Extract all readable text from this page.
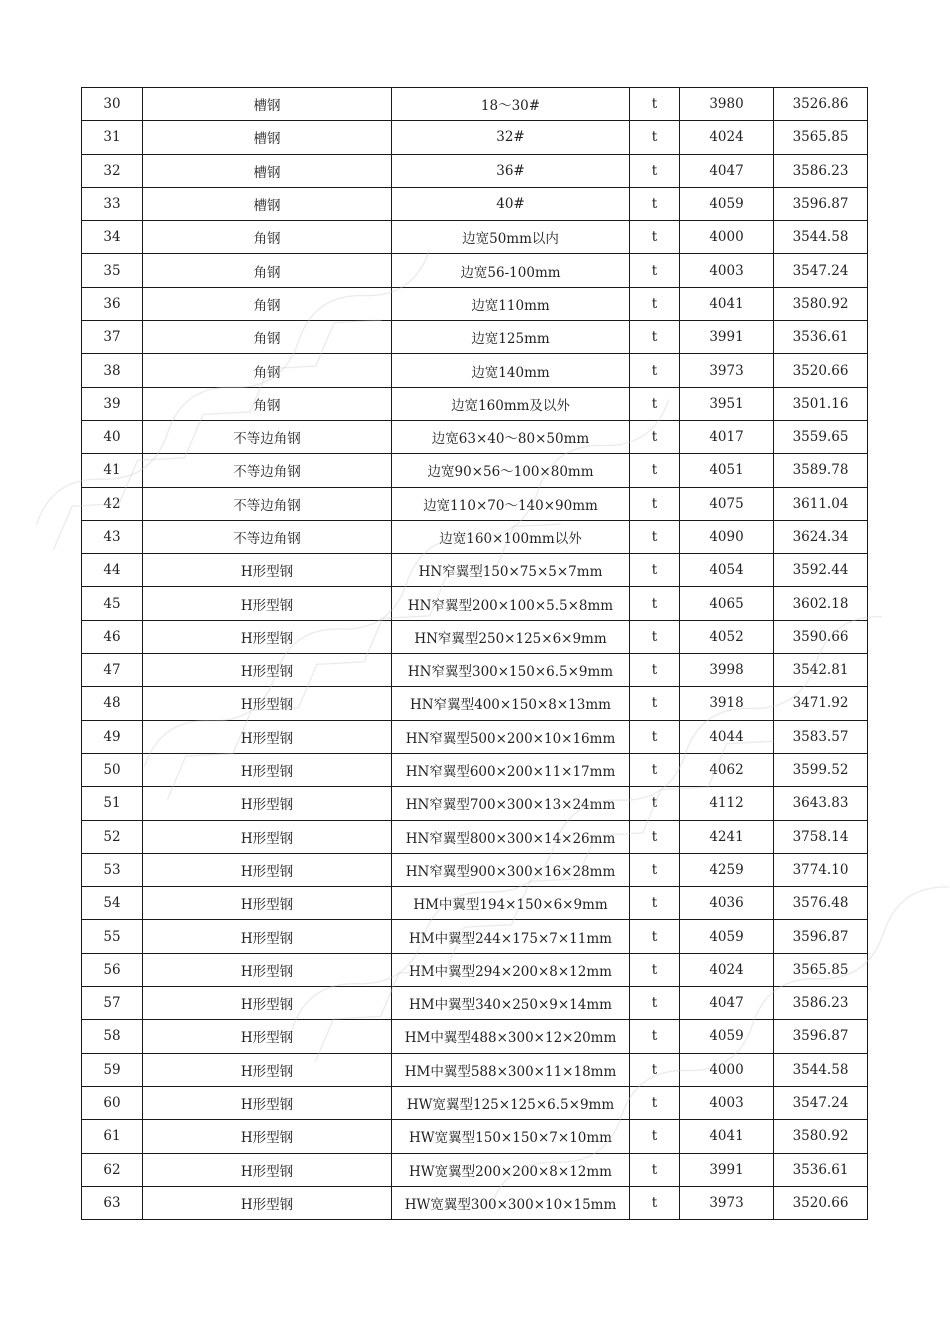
30	槽钢	18～30#	t	3980	3526.86
31	槽钢	32#	t	4024	3565.85
32	槽钢	36#	t	4047	3586.23
33	槽钢	40#	t	4059	3596.87
34	角钢	边宽50mm以内	t	4000	3544.58
35	角钢	边宽56-100mm	t	4003	3547.24
36	角钢	边宽110mm	t	4041	3580.92
37	角钢	边宽125mm	t	3991	3536.61
38	角钢	边宽140mm	t	3973	3520.66
39	角钢	边宽160mm及以外	t	3951	3501.16
40	不等边角钢	边宽63×40～80×50mm	t	4017	3559.65
41	不等边角钢	边宽90×56～100×80mm	t	4051	3589.78
42	不等边角钢	边宽110×70～140×90mm	t	4075	3611.04
43	不等边角钢	边宽160×100mm以外	t	4090	3624.34
44	H形型钢	HN窄翼型150×75×5×7mm	t	4054	3592.44
45	H形型钢	HN窄翼型200×100×5.5×8mm	t	4065	3602.18
46	H形型钢	HN窄翼型250×125×6×9mm	t	4052	3590.66
47	H形型钢	HN窄翼型300×150×6.5×9mm	t	3998	3542.81
48	H形型钢	HN窄翼型400×150×8×13mm	t	3918	3471.92
49	H形型钢	HN窄翼型500×200×10×16mm	t	4044	3583.57
50	H形型钢	HN窄翼型600×200×11×17mm	t	4062	3599.52
51	H形型钢	HN窄翼型700×300×13×24mm	t	4112	3643.83
52	H形型钢	HN窄翼型800×300×14×26mm	t	4241	3758.14
53	H形型钢	HN窄翼型900×300×16×28mm	t	4259	3774.10
54	H形型钢	HM中翼型194×150×6×9mm	t	4036	3576.48
55	H形型钢	HM中翼型244×175×7×11mm	t	4059	3596.87
56	H形型钢	HM中翼型294×200×8×12mm	t	4024	3565.85
57	H形型钢	HM中翼型340×250×9×14mm	t	4047	3586.23
58	H形型钢	HM中翼型488×300×12×20mm	t	4059	3596.87
59	H形型钢	HM中翼型588×300×11×18mm	t	4000	3544.58
60	H形型钢	HW宽翼型125×125×6.5×9mm	t	4003	3547.24
61	H形型钢	HW宽翼型150×150×7×10mm	t	4041	3580.92
62	H形型钢	HW宽翼型200×200×8×12mm	t	3991	3536.61
63	H形型钢	HW宽翼型300×300×10×15mm	t	3973	3520.66
